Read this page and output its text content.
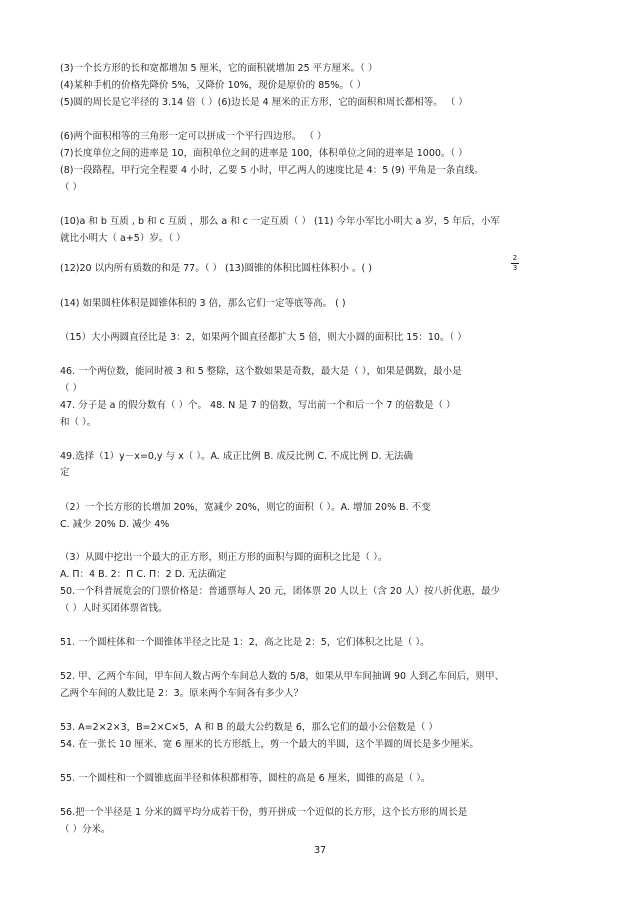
(3)一个长方形的长和宽都增加 5 厘米，它的面积就增加 25 平方厘米。（ ）
(4)某种手机的价格先降价 5%，又降价 10%，现价是原价的 85%。（ ）
(5)圆的周长是它半径的 3.14 倍（ ）(6)边长是 4 厘米的正方形，它的面积和周长都相等。 （ ）
(6)两个面积相等的三角形一定可以拼成一个平行四边形。 （ ）
(7)长度单位之间的进率是 10，面积单位之间的进率是 100，体积单位之间的进率是 1000。（ ）
(8)一段路程，甲行完全程要 4 小时，乙要 5 小时，甲乙两人的速度比是 4：5 (9) 平角是一条直线。
（ ）
(10)a 和 b 互质 , b 和 c 互质 ，那么 a 和 c 一定互质（ ） (11) 今年小军比小明大 a 岁，5 年后，小军
就比小明大（ a+5）岁。（ ）
(12)20 以内所有质数的和是 77。（ ） (13)圆锥的体积比圆柱体积小 。( )
(14) 如果圆柱体积是圆锥体积的 3 倍，那么它们一定等底等高。 ( )
（15）大小两圆直径比是 3：2，如果两个圆直径都扩大 5 倍，则大小圆的面积比 15：10。（ ）
46. 一个两位数，能同时被 3 和 5 整除，这个数如果是奇数，最大是（ ），如果是偶数，最小是
（ ）
47. 分子是 a 的假分数有（ ）个。 48. N 是 7 的倍数，写出前一个和后一个 7 的倍数是（ ）
和（ ）。
49.选择（1）y－x=0,y 与 x（ ）。A. 成正比例 B. 成反比例 C. 不成比例 D. 无法确
定
（2）一个长方形的长增加 20%，宽减少 20%，则它的面积（ ）。A. 增加 20% B. 不变
C. 减少 20% D. 减少 4%
（3）从圆中挖出一个最大的正方形，则正方形的面积与圆的面积之比是（ ）。
A. Π：4 B. 2：Π C. Π：2 D. 无法确定
50.一个科普展览会的门票价格是：普通票每人 20 元，团体票 20 人以上（含 20 人）按八折优惠，最少
（ ）人时买团体票省钱。
51. 一个圆柱体和一个圆锥体半径之比是 1：2，高之比是 2：5，它们体积之比是（ ）。
52. 甲、乙两个车间，甲车间人数占两个车间总人数的 5/8，如果从甲车间抽调 90 人到乙车间后，则甲、
乙两个车间的人数比是 2：3。原来两个车间各有多少人？
53. A=2×2×3，B=2×C×5，A 和 B 的最大公约数是 6，那么它们的最小公倍数是（ ）
54. 在一张长 10 厘米、宽 6 厘米的长方形纸上，剪一个最大的半圆，这个半圆的周长是多少厘米。
55. 一个圆柱和一个圆锥底面半径和体积都相等，圆柱的高是 6 厘米，圆锥的高是（ ）。
56.把一个半径是 1 分米的圆平均分成若干份，剪开拼成一个近似的长方形，这个长方形的周长是
（ ）分米。
2
3
37
